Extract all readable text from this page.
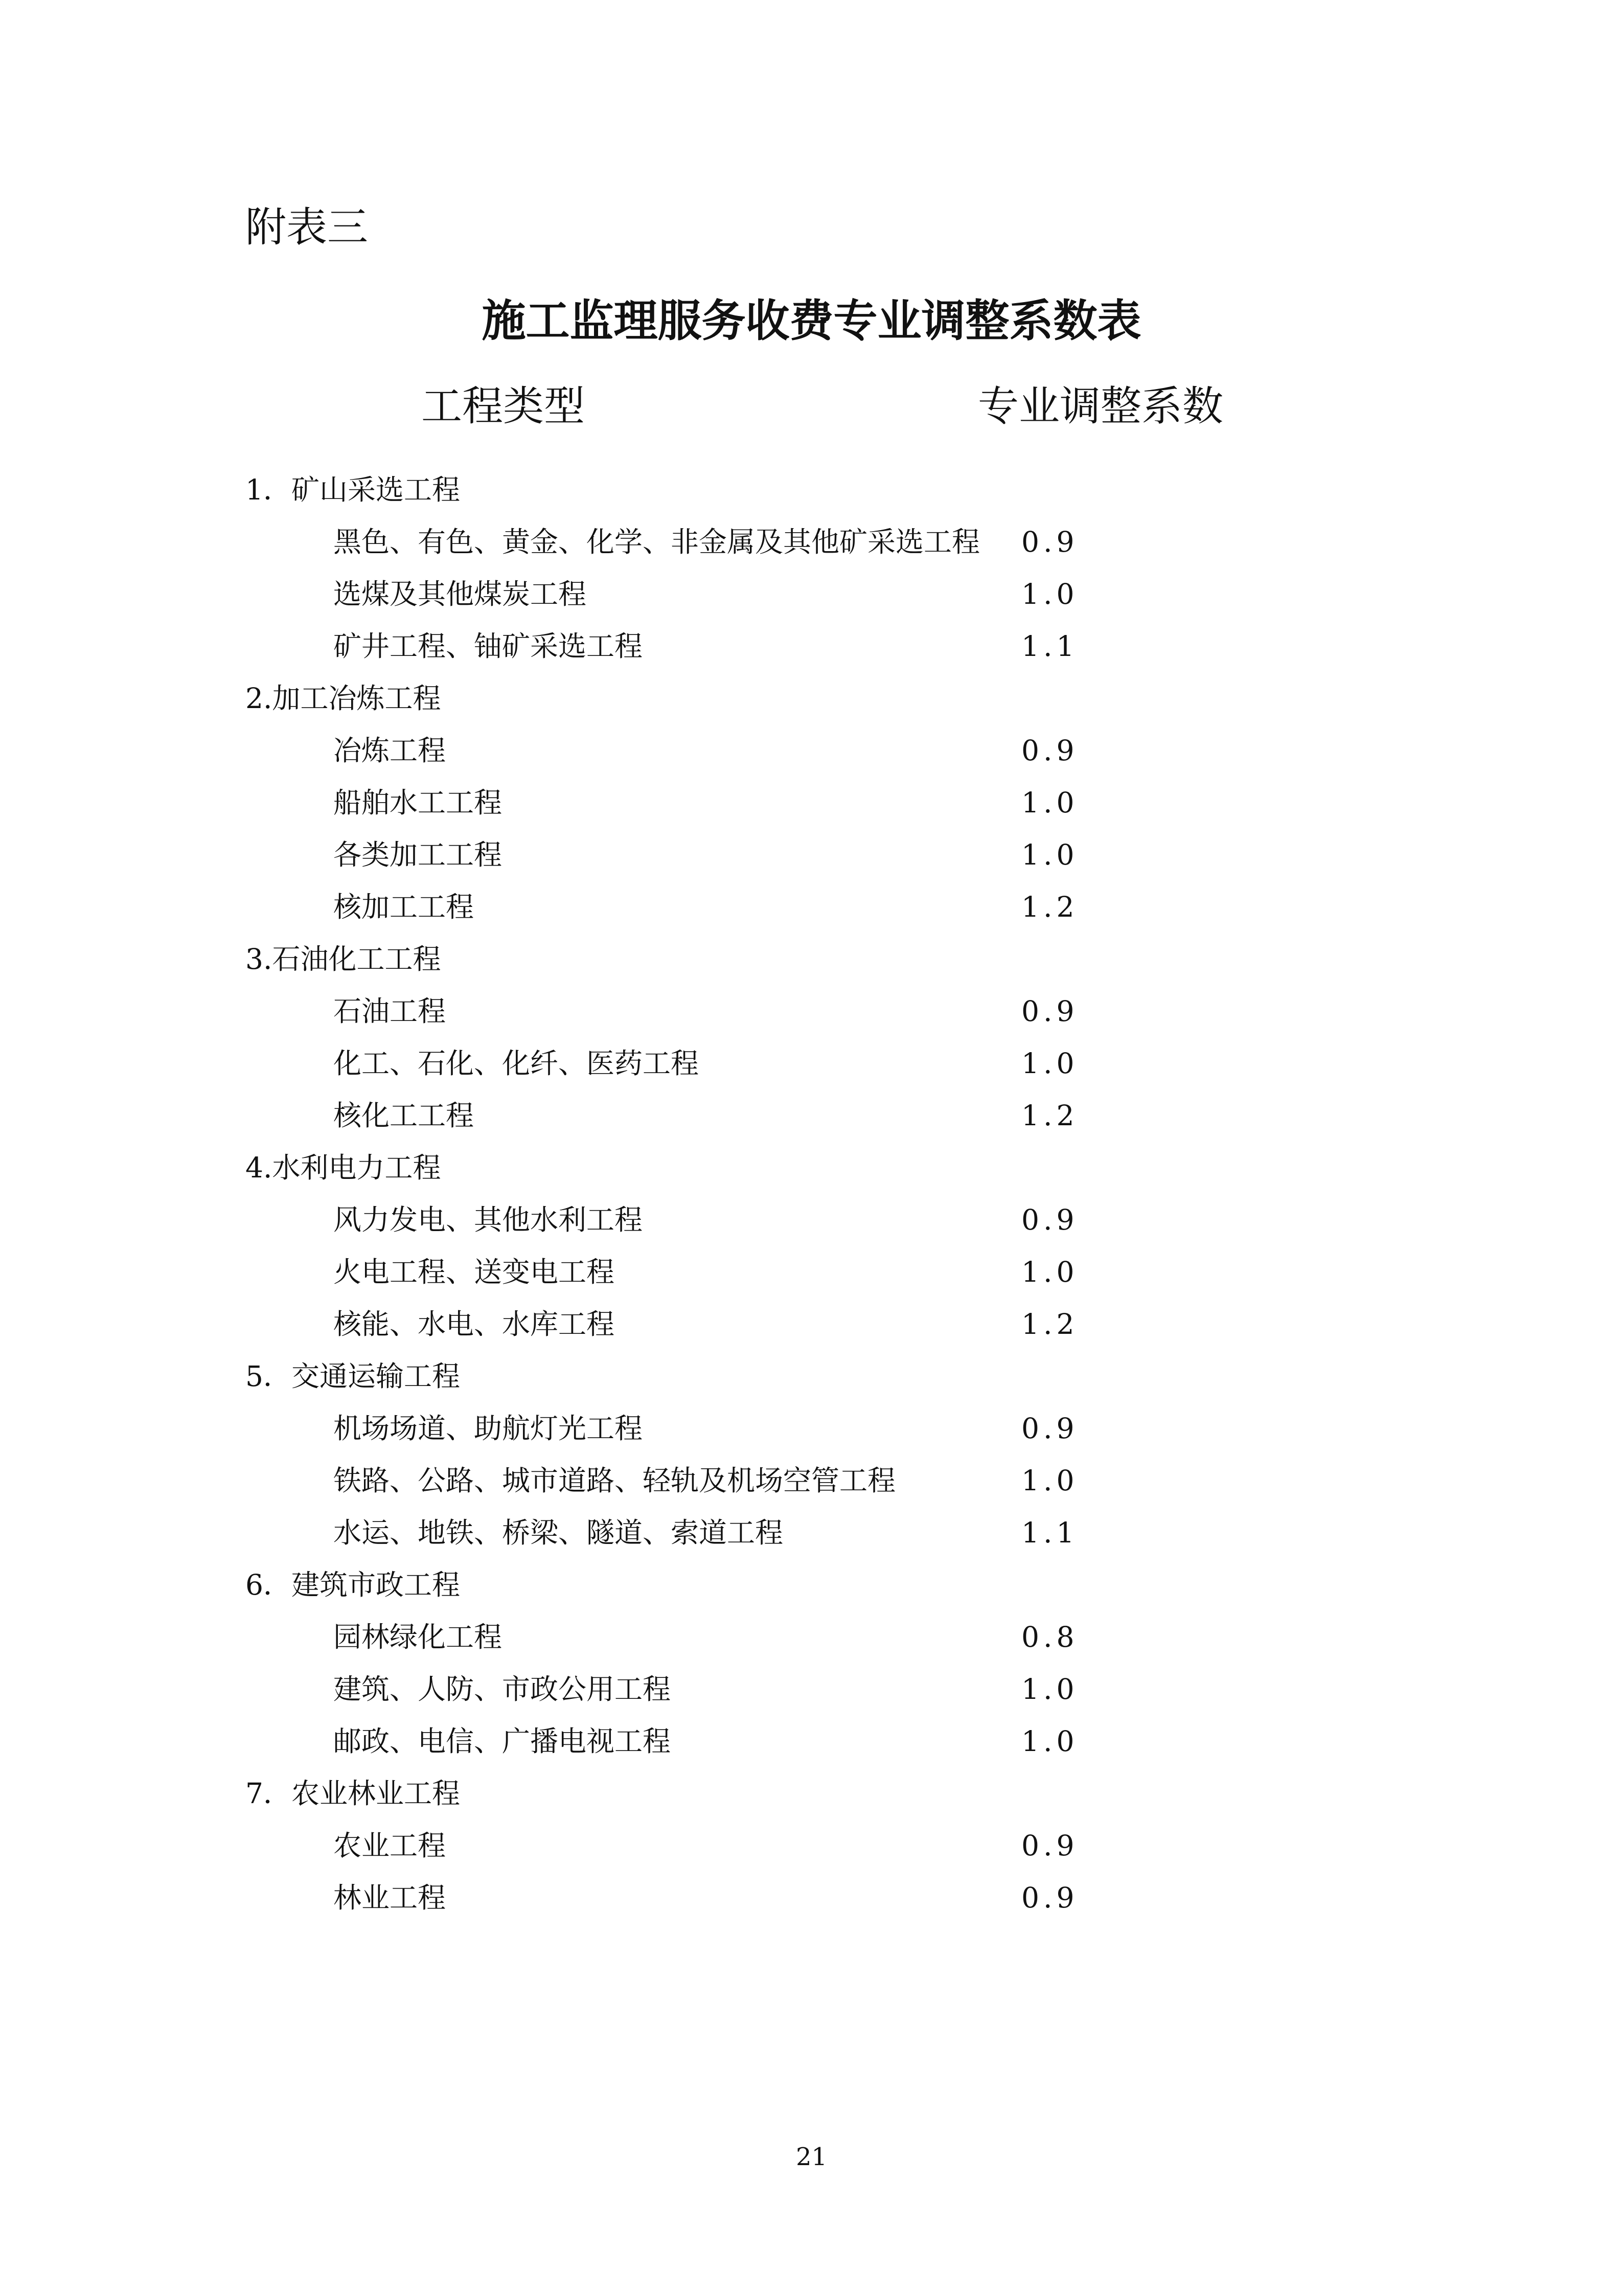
附表三
施工监理服务收费专业调整系数表
工程类型	专业调整系数
1．矿山采选工程
黑色、有色、黄金、化学、非金属及其他矿采选工程 0.9
选煤及其他煤炭工程	1.0
矿井工程、铀矿采选工程	1.1
2.加工冶炼工程
冶炼工程	0.9
船舶水工工程	1.0
各类加工工程	1.0
核加工工程	1.2
3.石油化工工程
石油工程	0.9
化工、石化、化纤、医药工程	1.0
核化工工程	1.2
4.水利电力工程
风力发电、其他水利工程	0.9
火电工程、送变电工程	1.0
核能、水电、水库工程	1.2
5．交通运输工程
机场场道、助航灯光工程	0.9
铁路、公路、城市道路、轻轨及机场空管工程	1.0
水运、地铁、桥梁、隧道、索道工程	1.1
6．建筑市政工程
园林绿化工程	0.8
建筑、人防、市政公用工程	1.0
邮政、电信、广播电视工程	1.0
7．农业林业工程
农业工程	0.9
林业工程	0.9
21
